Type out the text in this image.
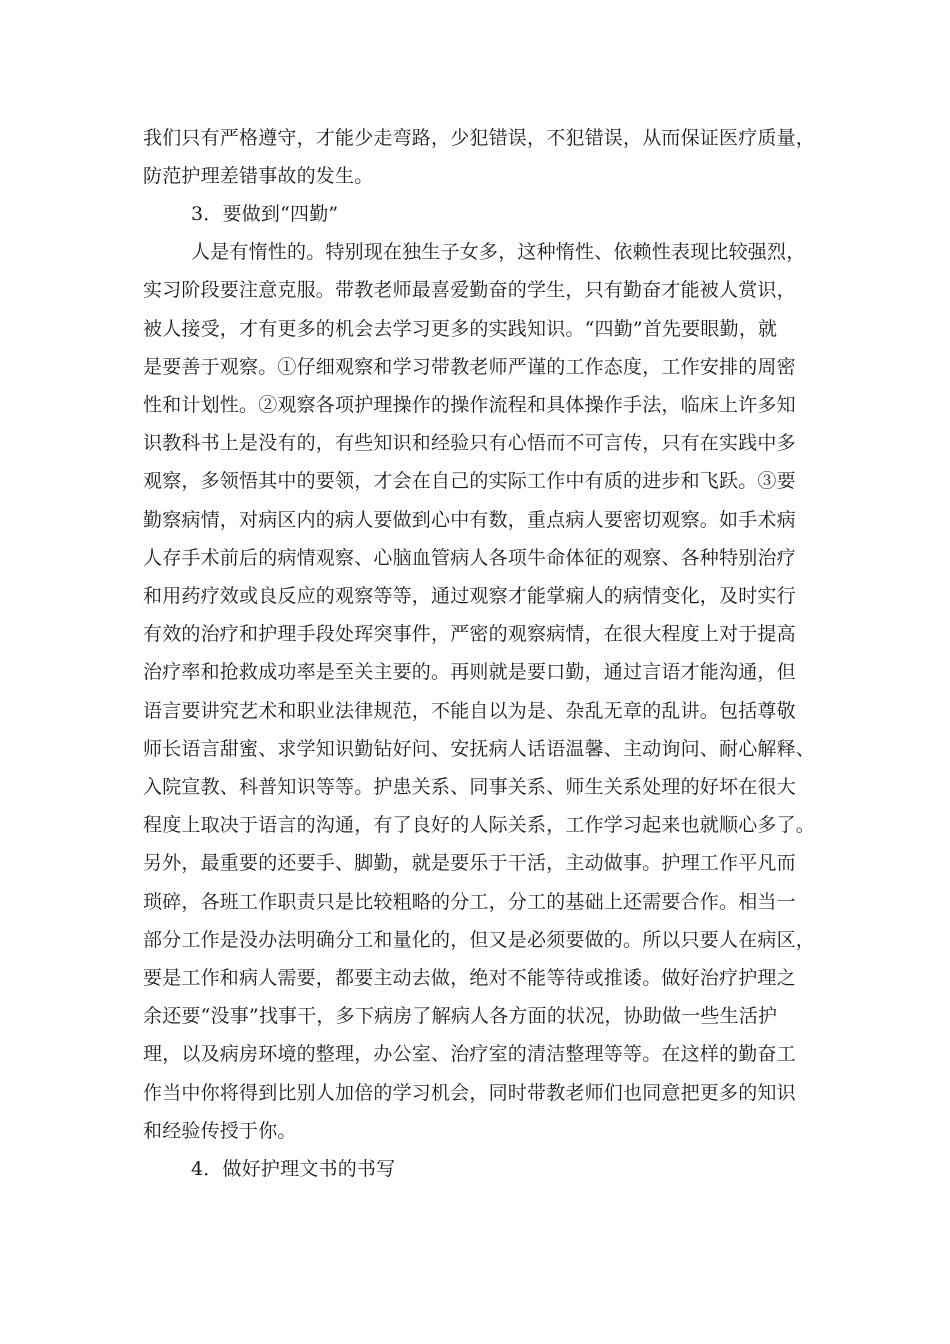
我们只有严格遵守，才能少走弯路，少犯错误，不犯错误，从而保证医疗质量，
防范护理差错事故的发生。
3．要做到“四勤”
人是有惰性的。特别现在独生子女多，这种惰性、依赖性表现比较强烈，
实习阶段要注意克服。带教老师最喜爱勤奋的学生，只有勤奋才能被人赏识，
被人接受，才有更多的机会去学习更多的实践知识。“四勤”首先要眼勤，就
是要善于观察。①仔细观察和学习带教老师严谨的工作态度，工作安排的周密
性和计划性。②观察各项护理操作的操作流程和具体操作手法，临床上许多知
识教科书上是没有的，有些知识和经验只有心悟而不可言传，只有在实践中多
观察，多领悟其中的要领，才会在自己的实际工作中有质的进步和飞跃。③要
勤察病情，对病区内的病人要做到心中有数，重点病人要密切观察。如手术病
人存手术前后的病情观察、心脑血管病人各项牛命体征的观察、各种特别治疗
和用药疗效或良反应的观察等等，通过观察才能掌痫人的病情变化，及时实行
有效的治疗和护理手段处珲突事件，严密的观察病情，在很大程度上对于提高
治疗率和抢救成功率是至关主要的。再则就是要口勤，通过言语才能沟通，但
语言要讲究艺术和职业法律规范，不能自以为是、杂乱无章的乱讲。包括尊敬
师长语言甜蜜、求学知识勤钻好问、安抚病人话语温馨、主动询问、耐心解释、
入院宣教、科普知识等等。护患关系、同事关系、师生关系处理的好坏在很大
程度上取决于语言的沟通，有了良好的人际关系，工作学习起来也就顺心多了。
另外，最重要的还要手、脚勤，就是要乐于干活，主动做事。护理工作平凡而
琐碎，各班工作职责只是比较粗略的分工，分工的基础上还需要合作。相当一
部分工作是没办法明确分工和量化的，但又是必须要做的。所以只要人在病区，
要是工作和病人需要，都要主动去做，绝对不能等待或推诿。做好治疗护理之
余还要“没事”找事干，多下病房了解病人各方面的状况，协助做一些生活护
理，以及病房环境的整理，办公室、治疗室的清洁整理等等。在这样的勤奋工
作当中你将得到比别人加倍的学习机会，同时带教老师们也同意把更多的知识
和经验传授于你。
4．做好护理文书的书写
